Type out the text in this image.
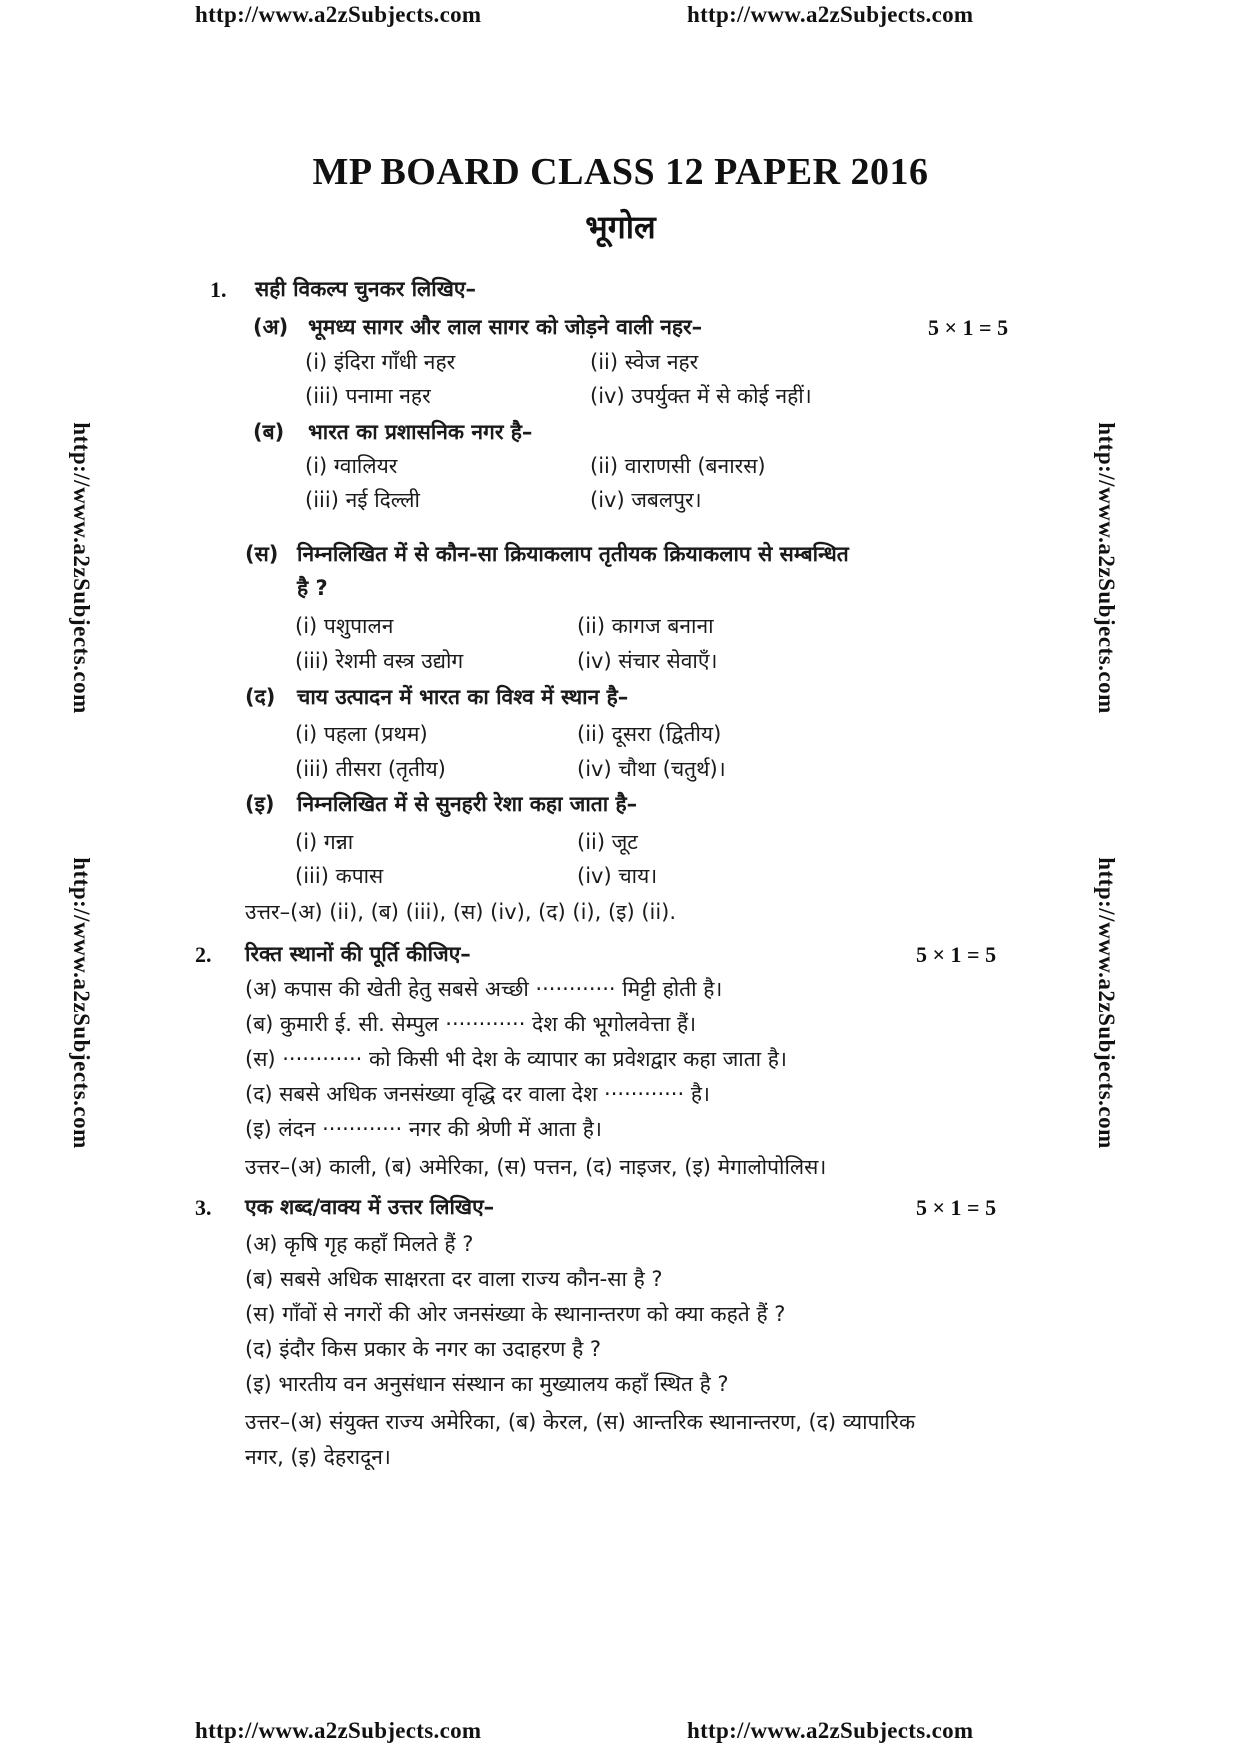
http://www.a2zSubjects.com	http://www.a2zSubjects.com
http://www.a2zSubjects.com
http://www.a2zSubjects.com
http://www.a2zSubjects.com
http://www.a2zSubjects.com
MP BOARD CLASS 12 PAPER 2016
भूगोल
1. सही विकल्प चुनकर लिखिए–
(अ) भूमध्य सागर और लाल सागर को जोड़ने वाली नहर–	5 × 1 = 5
(i) इंदिरा गाँधी नहर	(ii) स्वेज नहर
(iii) पनामा नहर	(iv) उपर्युक्त में से कोई नहीं।
(ब) भारत का प्रशासनिक नगर है–
(i) ग्वालियर	(ii) वाराणसी (बनारस)
(iii) नई दिल्ली	(iv) जबलपुर।
(स) निम्नलिखित में से कौन-सा क्रियाकलाप तृतीयक क्रियाकलाप से सम्बन्धित
है ?
(i) पशुपालन	(ii) कागज बनाना
(iii) रेशमी वस्त्र उद्योग	(iv) संचार सेवाएँ।
(द) चाय उत्पादन में भारत का विश्व में स्थान है–
(i) पहला (प्रथम)	(ii) दूसरा (द्वितीय)
(iii) तीसरा (तृतीय)	(iv) चौथा (चतुर्थ)।
(इ) निम्नलिखित में से सुनहरी रेशा कहा जाता है–
(i) गन्ना	(ii) जूट
(iii) कपास	(iv) चाय।
उत्तर–(अ) (ii), (ब) (iii), (स) (iv), (द) (i), (इ) (ii).
2. रिक्त स्थानों की पूर्ति कीजिए–	5 × 1 = 5
(अ) कपास की खेती हेतु सबसे अच्छी ············ मिट्टी होती है।
(ब) कुमारी ई. सी. सेम्पुल ············ देश की भूगोलवेत्ता हैं।
(स) ············ को किसी भी देश के व्यापार का प्रवेशद्वार कहा जाता है।
(द) सबसे अधिक जनसंख्या वृद्धि दर वाला देश ············ है।
(इ) लंदन ············ नगर की श्रेणी में आता है।
उत्तर–(अ) काली, (ब) अमेरिका, (स) पत्तन, (द) नाइजर, (इ) मेगालोपोलिस।
3. एक शब्द/वाक्य में उत्तर लिखिए–	5 × 1 = 5
(अ) कृषि गृह कहाँ मिलते हैं ?
(ब) सबसे अधिक साक्षरता दर वाला राज्य कौन-सा है ?
(स) गाँवों से नगरों की ओर जनसंख्या के स्थानान्तरण को क्या कहते हैं ?
(द) इंदौर किस प्रकार के नगर का उदाहरण है ?
(इ) भारतीय वन अनुसंधान संस्थान का मुख्यालय कहाँ स्थित है ?
उत्तर–(अ) संयुक्त राज्य अमेरिका, (ब) केरल, (स) आन्तरिक स्थानान्तरण, (द) व्यापारिक
नगर, (इ) देहरादून।
http://www.a2zSubjects.com	http://www.a2zSubjects.com
